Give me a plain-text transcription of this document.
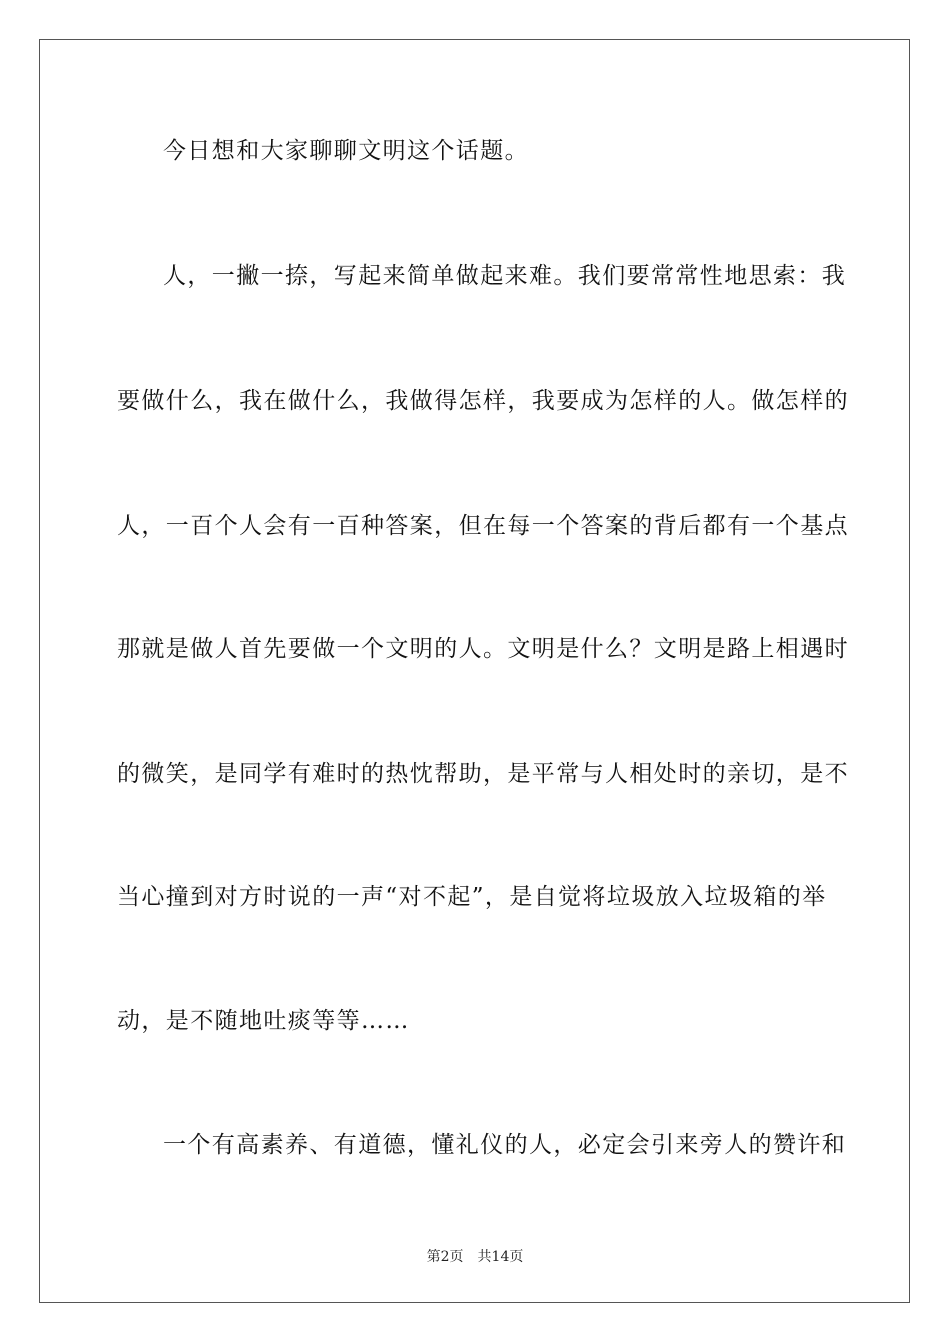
今日想和大家聊聊文明这个话题。
人，一撇一捺，写起来简单做起来难。我们要常常性地思索：我
要做什么，我在做什么，我做得怎样，我要成为怎样的人。做怎样的
人，一百个人会有一百种答案，但在每一个答案的背后都有一个基点
那就是做人首先要做一个文明的人。文明是什么？文明是路上相遇时
的微笑，是同学有难时的热忱帮助，是平常与人相处时的亲切，是不
当心撞到对方时说的一声“对不起”，是自觉将垃圾放入垃圾箱的举
动，是不随地吐痰等等……
一个有高素养、有道德，懂礼仪的人，必定会引来旁人的赞许和
第2页 共14页
